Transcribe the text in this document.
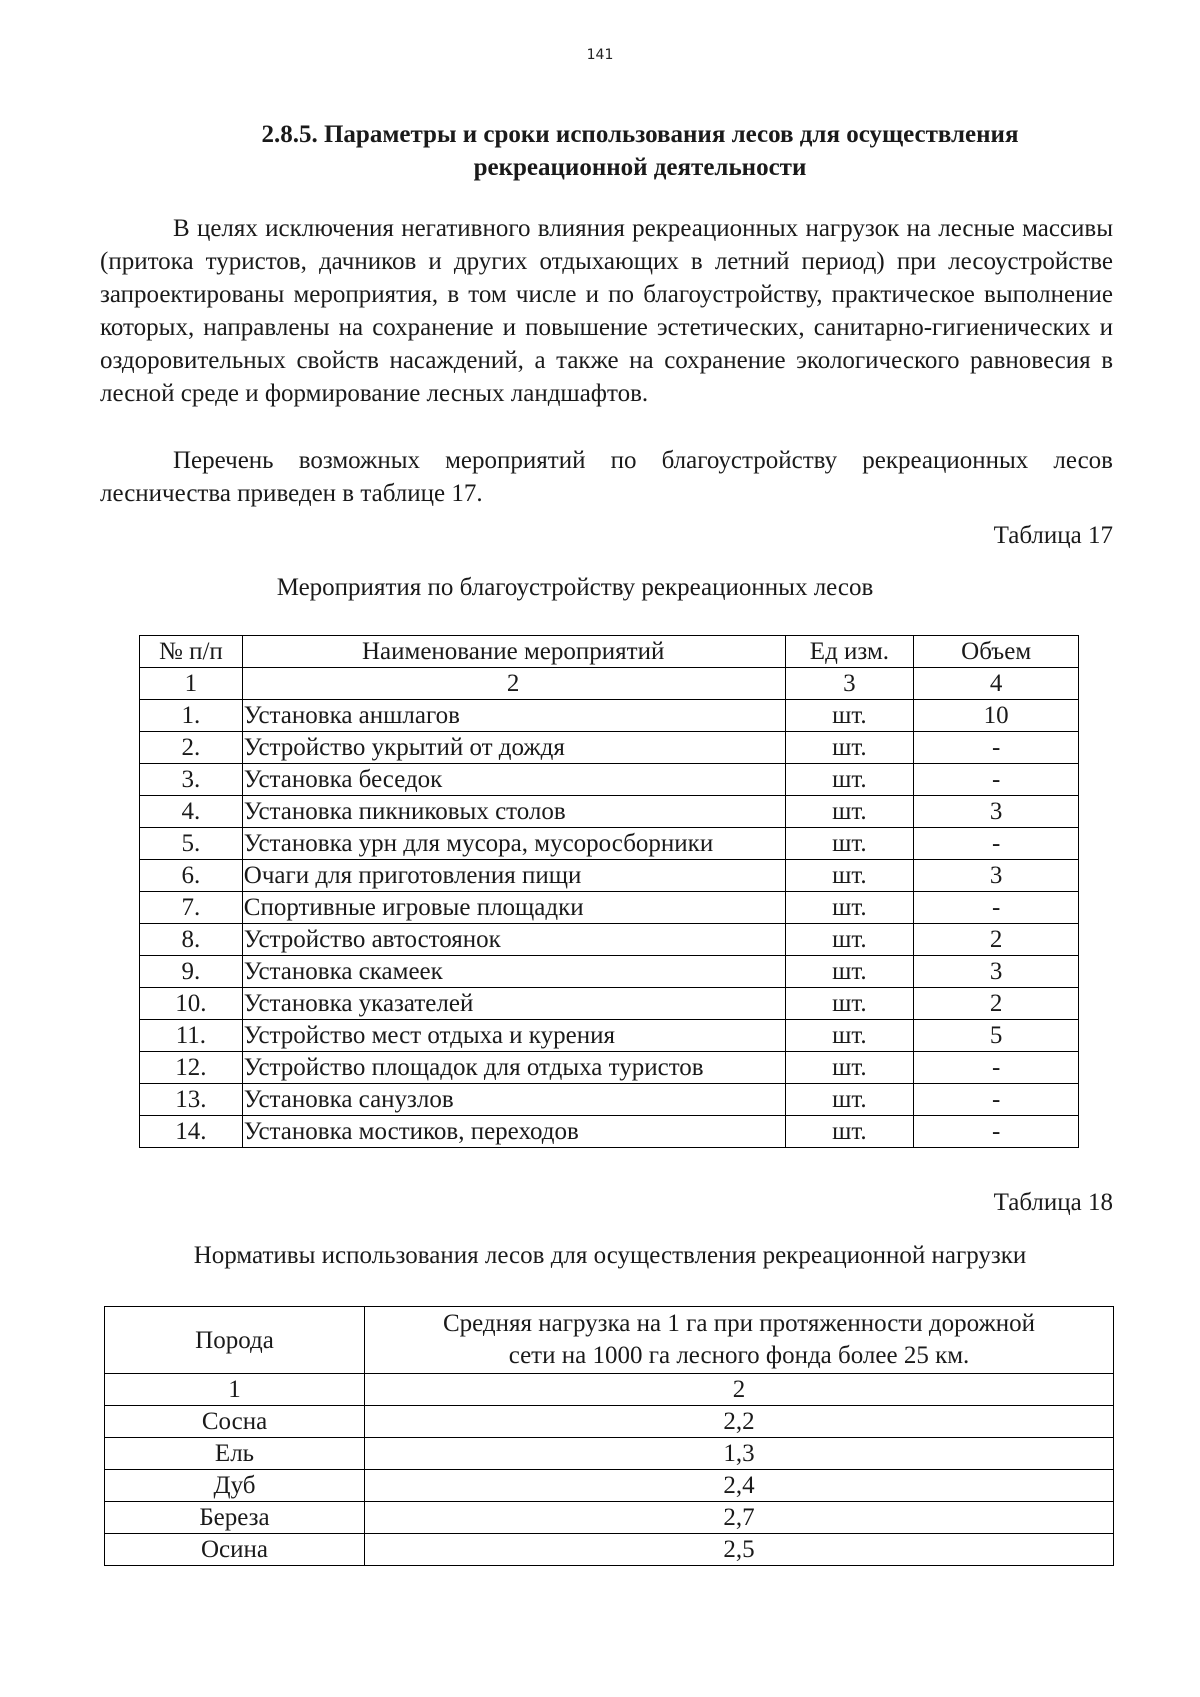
141
2.8.5. Параметры и сроки использования лесов для осуществления
рекреационной деятельности

В целях исключения негативного влияния рекреационных нагрузок на лесные массивы (притока туристов, дачников и других отдыхающих в летний период) при лесоустройстве запроектированы мероприятия, в том числе и по благоустройству, практическое выполнение которых, направлены на сохранение и повышение эстетических, санитарно-гигиенических и оздоровительных свойств насаждений, а также на сохранение экологического равновесия в лесной среде и формирование лесных ландшафтов.

Перечень возможных мероприятий по благоустройству рекреационных лесов лесничества приведен в таблице 17.

Таблица 17
Мероприятия по благоустройству рекреационных лесов
№ п/п	Наименование мероприятий	Ед изм.	Объем
1	2	3	4
1.	Установка аншлагов	шт.	10
2.	Устройство укрытий от дождя	шт.	-
3.	Установка беседок	шт.	-
4.	Установка пикниковых столов	шт.	3
5.	Установка урн для мусора, мусоросборники	шт.	-
6.	Очаги для приготовления пищи	шт.	3
7.	Спортивные игровые площадки	шт.	-
8.	Устройство автостоянок	шт.	2
9.	Установка скамеек	шт.	3
10.	Установка указателей	шт.	2
11.	Устройство мест отдыха и курения	шт.	5
12.	Устройство площадок для отдыха туристов	шт.	-
13.	Установка санузлов	шт.	-
14.	Установка мостиков, переходов	шт.	-
Таблица 18
Нормативы использования лесов для осуществления рекреационной нагрузки
Порода	Средняя нагрузка на 1 га при протяженности дорожной
сети на 1000 га лесного фонда более 25 км.

1	2
Сосна	2,2
Ель	1,3
Дуб	2,4
Береза	2,7
Осина	2,5
